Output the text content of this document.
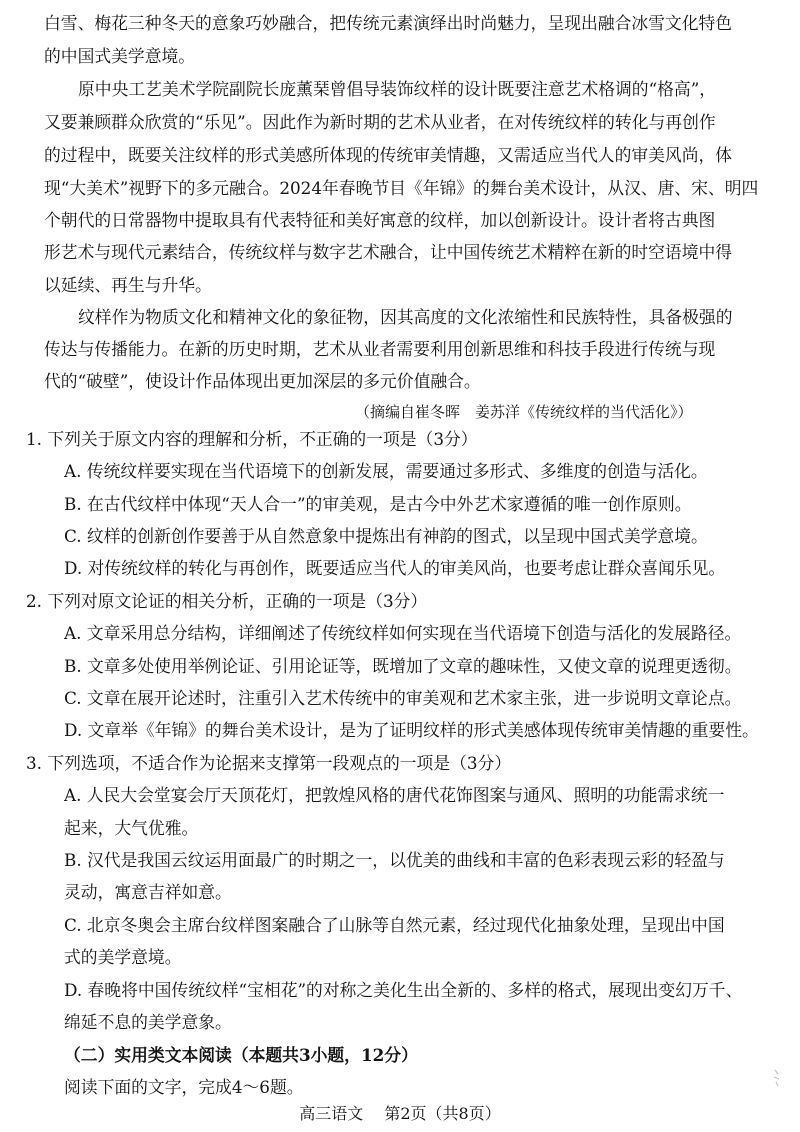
白雪、梅花三种冬天的意象巧妙融合，把传统元素演绎出时尚魅力，呈现出融合冰雪文化特色

的中国式美学意境。

原中央工艺美术学院副院长庞薰琹曾倡导装饰纹样的设计既要注意艺术格调的“格高”，

又要兼顾群众欣赏的“乐见”。因此作为新时期的艺术从业者，在对传统纹样的转化与再创作

的过程中，既要关注纹样的形式美感所体现的传统审美情趣，又需适应当代人的审美风尚，体

现“大美术”视野下的多元融合。2024年春晚节目《年锦》的舞台美术设计，从汉、唐、宋、明四

个朝代的日常器物中提取具有代表特征和美好寓意的纹样，加以创新设计。设计者将古典图

形艺术与现代元素结合，传统纹样与数字艺术融合，让中国传统艺术精粹在新的时空语境中得

以延续、再生与升华。

纹样作为物质文化和精神文化的象征物，因其高度的文化浓缩性和民族特性，具备极强的

传达与传播能力。在新的历史时期，艺术从业者需要利用创新思维和科技手段进行传统与现

代的“破壁”，使设计作品体现出更加深层的多元价值融合。

（摘编自崔冬晖　姜苏洋《传统纹样的当代活化》）

1. 下列关于原文内容的理解和分析，不正确的一项是（3分）

A. 传统纹样要实现在当代语境下的创新发展，需要通过多形式、多维度的创造与活化。

B. 在古代纹样中体现“天人合一”的审美观，是古今中外艺术家遵循的唯一创作原则。

C. 纹样的创新创作要善于从自然意象中提炼出有神韵的图式，以呈现中国式美学意境。

D. 对传统纹样的转化与再创作，既要适应当代人的审美风尚，也要考虑让群众喜闻乐见。

2. 下列对原文论证的相关分析，正确的一项是（3分）

A. 文章采用总分结构，详细阐述了传统纹样如何实现在当代语境下创造与活化的发展路径。

B. 文章多处使用举例论证、引用论证等，既增加了文章的趣味性，又使文章的说理更透彻。

C. 文章在展开论述时，注重引入艺术传统中的审美观和艺术家主张，进一步说明文章论点。

D. 文章举《年锦》的舞台美术设计，是为了证明纹样的形式美感体现传统审美情趣的重要性。

3. 下列选项，不适合作为论据来支撑第一段观点的一项是（3分）

A. 人民大会堂宴会厅天顶花灯，把敦煌风格的唐代花饰图案与通风、照明的功能需求统一

起来，大气优雅。

B. 汉代是我国云纹运用面最广的时期之一，以优美的曲线和丰富的色彩表现云彩的轻盈与

灵动，寓意吉祥如意。

C. 北京冬奥会主席台纹样图案融合了山脉等自然元素，经过现代化抽象处理，呈现出中国

式的美学意境。

D. 春晚将中国传统纹样“宝相花”的对称之美化生出全新的、多样的格式，展现出变幻万千、

绵延不息的美学意象。

（二）实用类文本阅读（本题共3小题，12分）

阅读下面的文字，完成4～6题。

高三语文 第2页（共8页）
